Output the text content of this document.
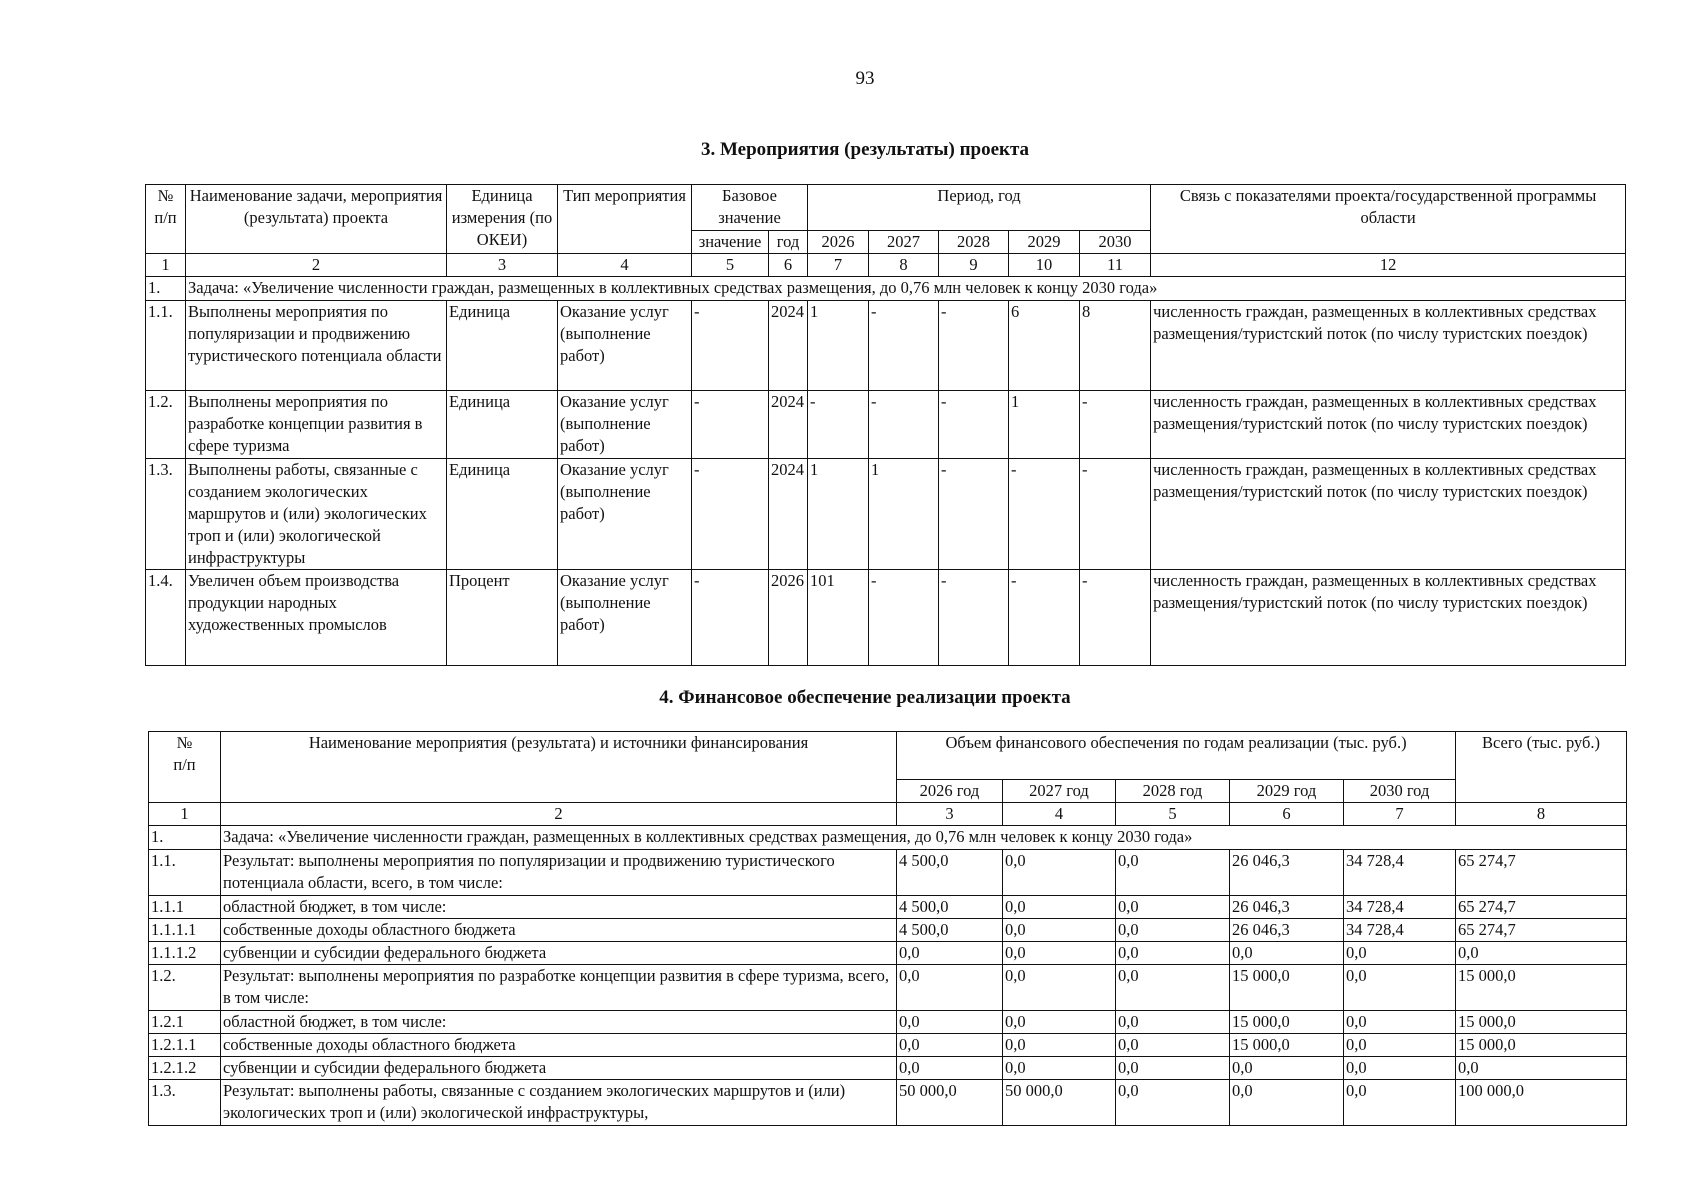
93
3. Мероприятия (результаты) проекта
№
п/п	Наименование задачи, мероприятия (результата) проекта	Единица измерения (по ОКЕИ)	Тип мероприятия	Базовое значение		Период, год					Связь с показателями проекта/государственной программы области
				значение	год	2026	2027	2028	2029	2030	
1	2	3	4	5	6	7	8	9	10	11	12
1.	Задача: «Увеличение численности граждан, размещенных в коллективных средствах размещения, до 0,76 млн человек к концу 2030 года»										
1.1.	Выполнены мероприятия по популяризации и продвижению туристического потенциала области	Единица	Оказание услуг (выполнение работ)	-	2024	1	-	-	6	8	численность граждан, размещенных в коллективных средствах размещения/туристский поток (по числу туристских поездок)
1.2.	Выполнены мероприятия по разработке концепции развития в сфере туризма	Единица	Оказание услуг (выполнение работ)	-	2024	-	-	-	1	-	численность граждан, размещенных в коллективных средствах размещения/туристский поток (по числу туристских поездок)
1.3.	Выполнены работы, связанные с созданием экологических маршрутов и (или) экологических троп и (или) экологической инфраструктуры	Единица	Оказание услуг (выполнение работ)	-	2024	1	1	-	-	-	численность граждан, размещенных в коллективных средствах размещения/туристский поток (по числу туристских поездок)
1.4.	Увеличен объем производства продукции народных художественных промыслов	Процент	Оказание услуг (выполнение работ)	-	2026	101	-	-	-	-	численность граждан, размещенных в коллективных средствах размещения/туристский поток (по числу туристских поездок)
4. Финансовое обеспечение реализации проекта
№
п/п	Наименование мероприятия (результата) и источники финансирования	Объем финансового обеспечения по годам реализации (тыс. руб.)					Всего (тыс. руб.)
		2026 год	2027 год	2028 год	2029 год	2030 год	
1	2	3	4	5	6	7	8
1.	Задача: «Увеличение численности граждан, размещенных в коллективных средствах размещения, до 0,76 млн человек к концу 2030 года»						
1.1.	Результат: выполнены мероприятия по популяризации и продвижению туристического потенциала области, всего, в том числе:	4 500,0	0,0	0,0	26 046,3	34 728,4	65 274,7
1.1.1	областной бюджет, в том числе:	4 500,0	0,0	0,0	26 046,3	34 728,4	65 274,7
1.1.1.1	собственные доходы областного бюджета	4 500,0	0,0	0,0	26 046,3	34 728,4	65 274,7
1.1.1.2	субвенции и субсидии федерального бюджета	0,0	0,0	0,0	0,0	0,0	0,0
1.2.	Результат: выполнены мероприятия по разработке концепции развития в сфере туризма, всего, в том числе:	0,0	0,0	0,0	15 000,0	0,0	15 000,0
1.2.1	областной бюджет, в том числе:	0,0	0,0	0,0	15 000,0	0,0	15 000,0
1.2.1.1	собственные доходы областного бюджета	0,0	0,0	0,0	15 000,0	0,0	15 000,0
1.2.1.2	субвенции и субсидии федерального бюджета	0,0	0,0	0,0	0,0	0,0	0,0
1.3.	Результат: выполнены работы, связанные с созданием экологических маршрутов и (или) экологических троп и (или) экологической инфраструктуры,	50 000,0	50 000,0	0,0	0,0	0,0	100 000,0
